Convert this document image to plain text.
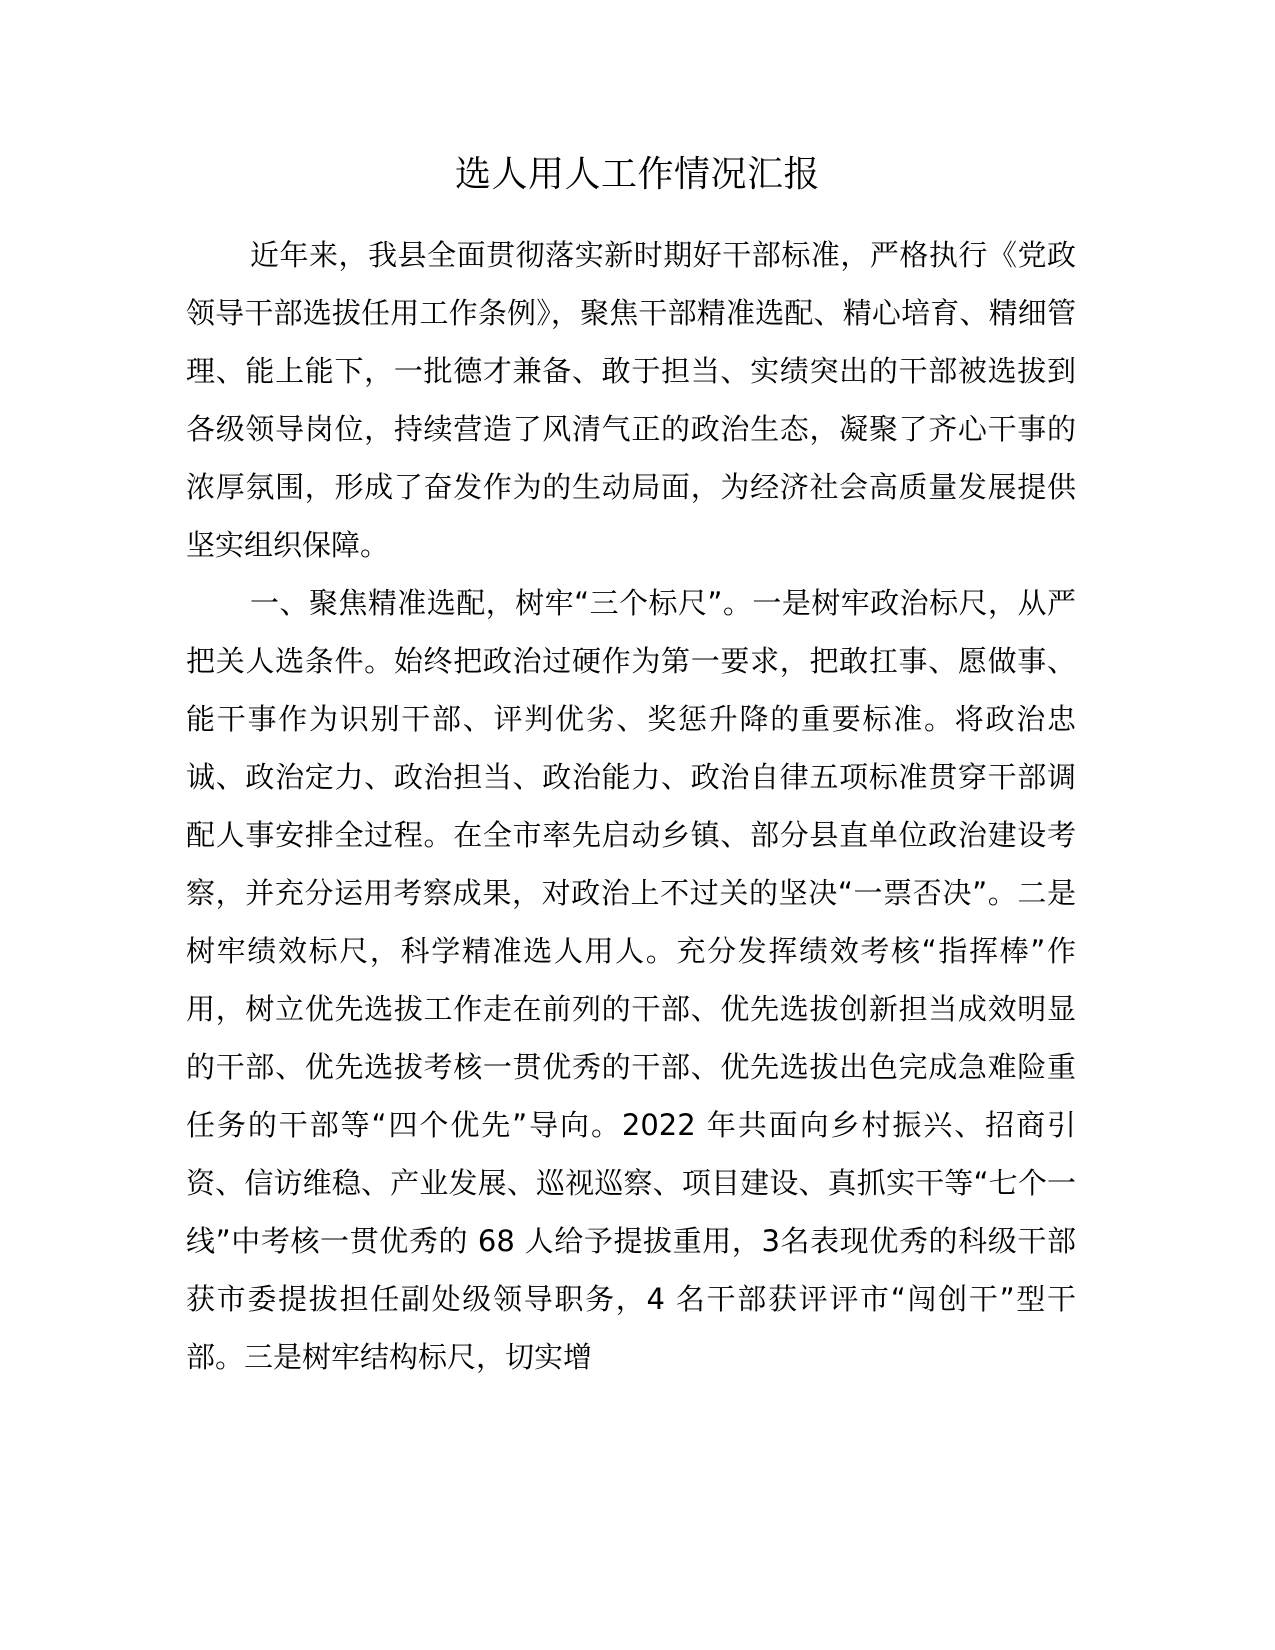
选人用人工作情况汇报

近年来，我县全面贯彻落实新时期好干部标准，严格执行《党政领导干部选拔任用工作条例》，聚焦干部精准选配、精心培育、精细管理、能上能下，一批德才兼备、敢于担当、实绩突出的干部被选拔到各级领导岗位，持续营造了风清气正的政治生态，凝聚了齐心干事的浓厚氛围，形成了奋发作为的生动局面，为经济社会高质量发展提供坚实组织保障。

一、聚焦精准选配，树牢“三个标尺”。一是树牢政治标尺，从严把关人选条件。始终把政治过硬作为第一要求，把敢扛事、愿做事、能干事作为识别干部、评判优劣、奖惩升降的重要标准。将政治忠诚、政治定力、政治担当、政治能力、政治自律五项标准贯穿干部调配人事安排全过程。在全市率先启动乡镇、部分县直单位政治建设考察，并充分运用考察成果，对政治上不过关的坚决“一票否决”。二是树牢绩效标尺，科学精准选人用人。充分发挥绩效考核“指挥棒”作用，树立优先选拔工作走在前列的干部、优先选拔创新担当成效明显的干部、优先选拔考核一贯优秀的干部、优先选拔出色完成急难险重任务的干部等“四个优先”导向。2022 年共面向乡村振兴、招商引资、信访维稳、产业发展、巡视巡察、项目建设、真抓实干等“七个一线”中考核一贯优秀的 68 人给予提拔重用，3名表现优秀的科级干部获市委提拔担任副处级领导职务，4 名干部获评评市“闯创干”型干部。三是树牢结构标尺，切实增
